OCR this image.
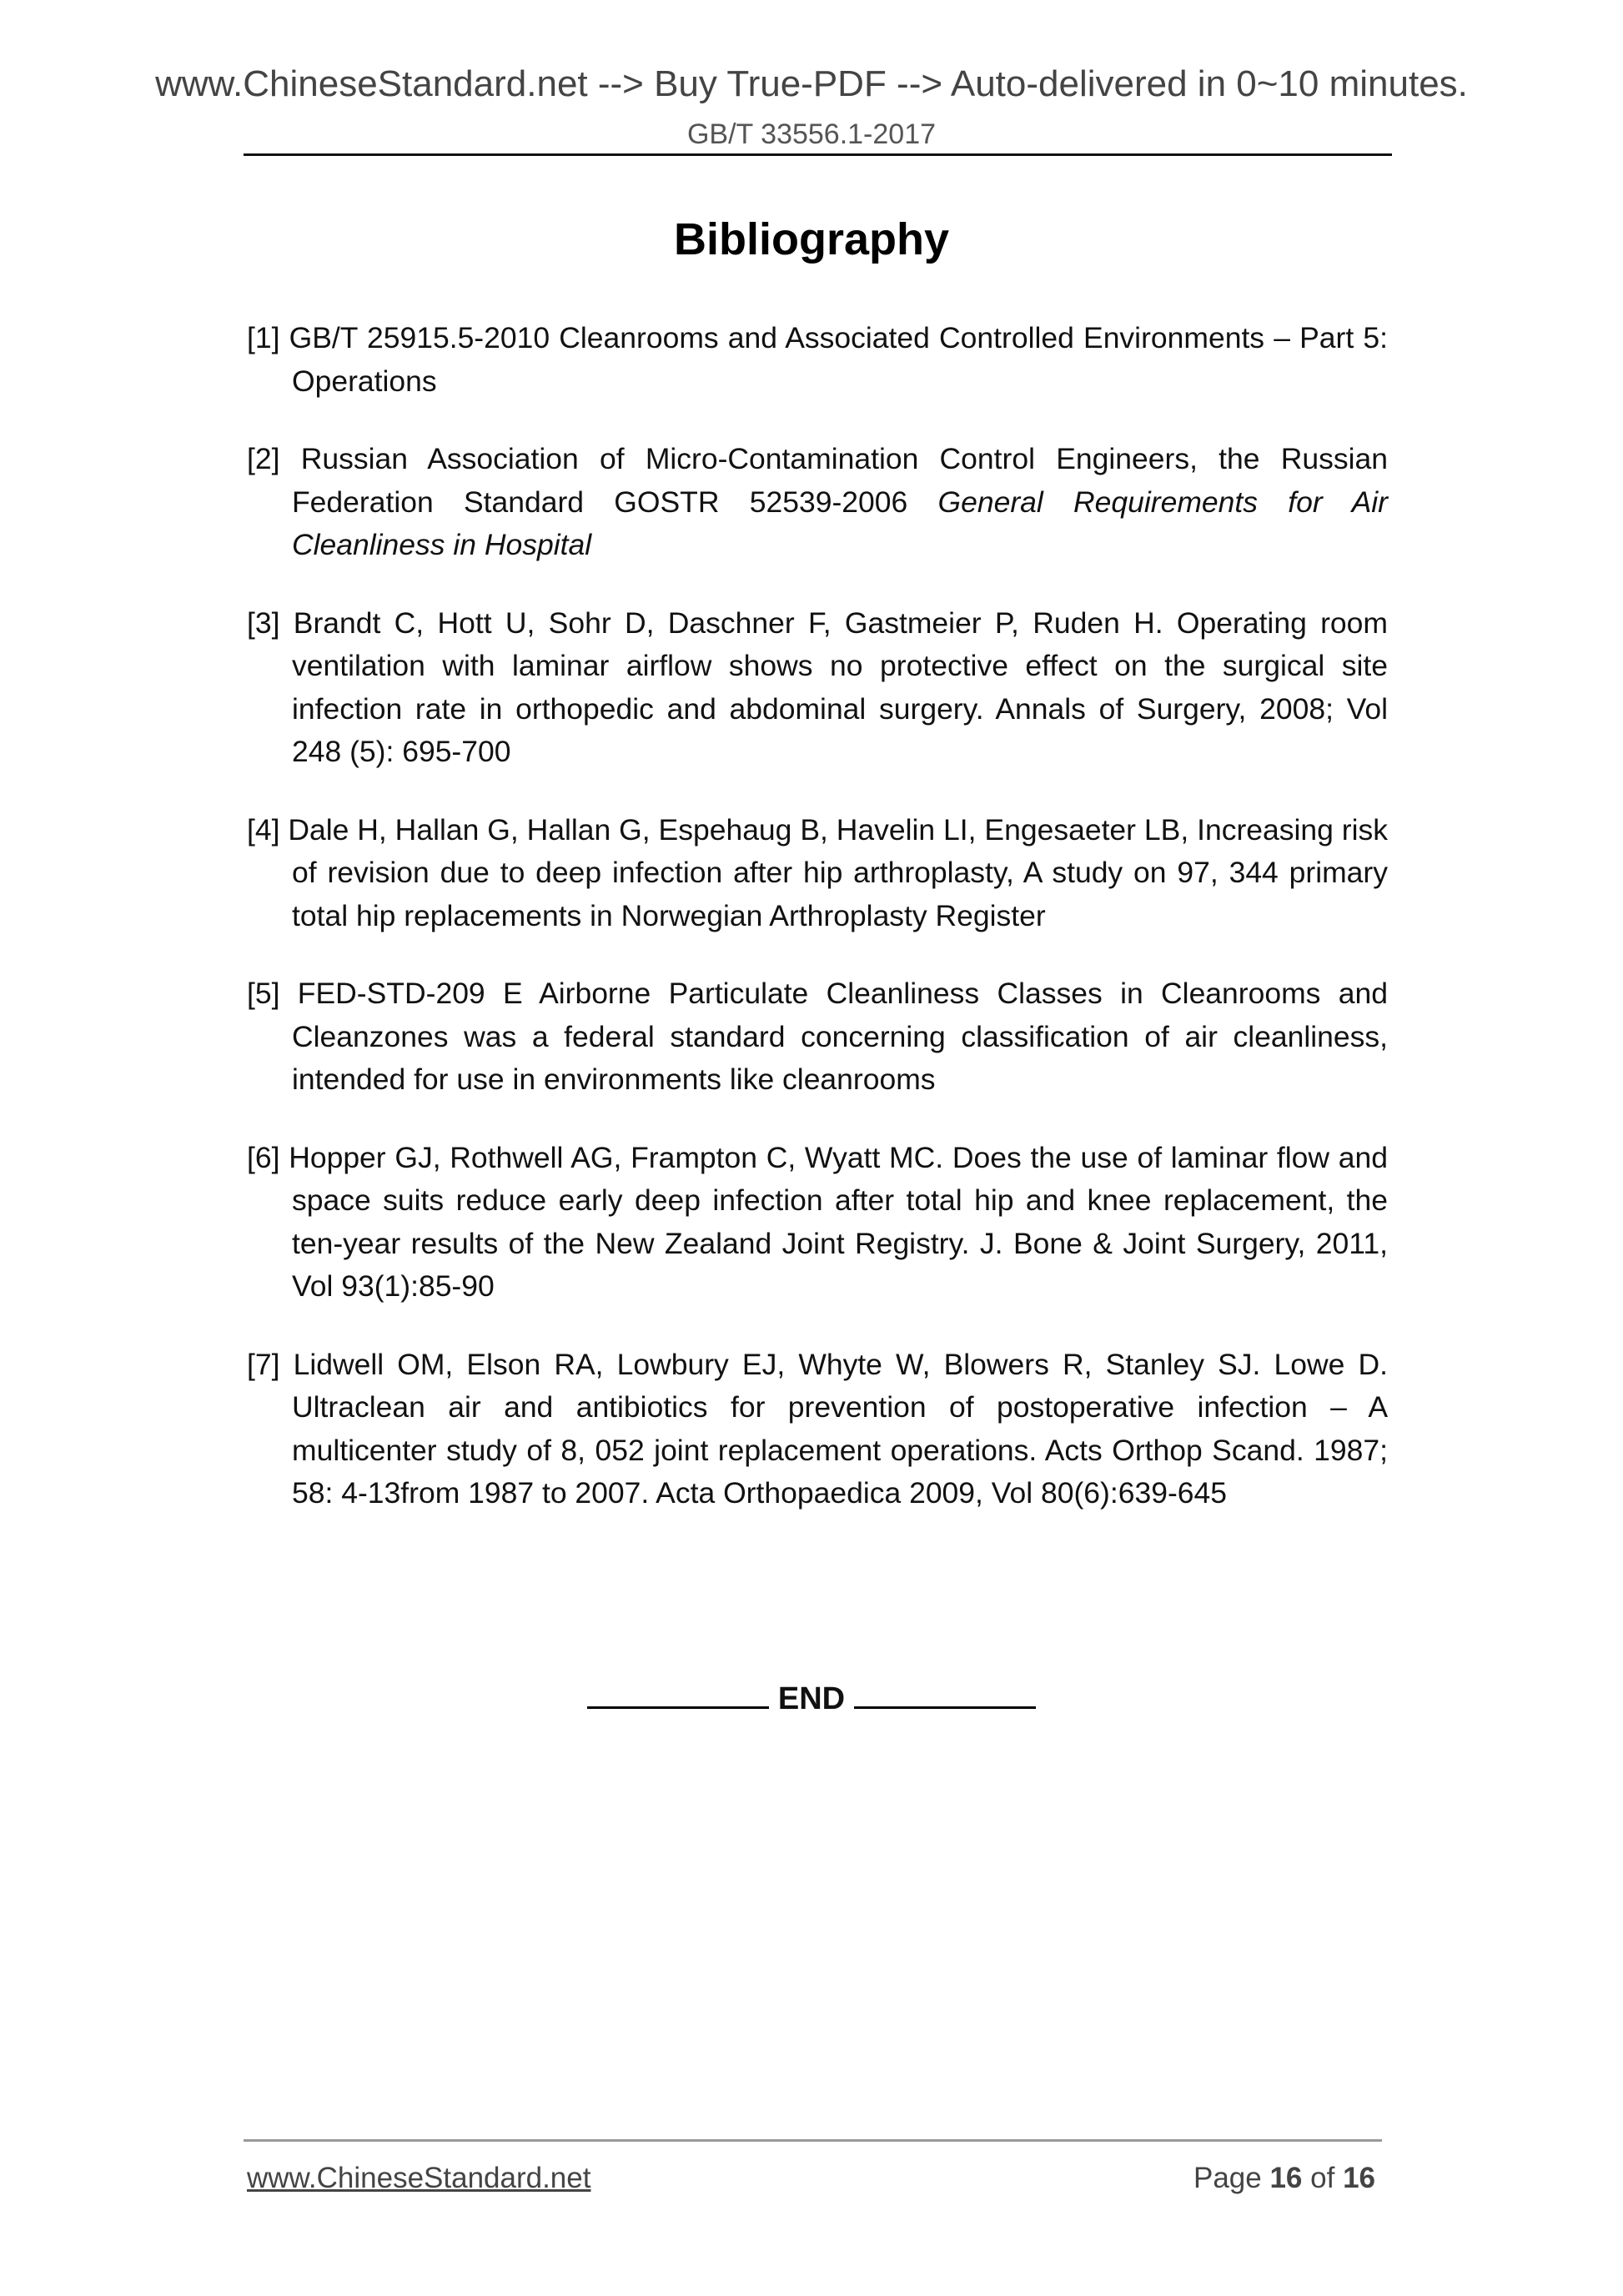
www.ChineseStandard.net --> Buy True-PDF --> Auto-delivered in 0~10 minutes.
GB/T 33556.1-2017
Bibliography

[1] GB/T 25915.5-2010 Cleanrooms and Associated Controlled Environments – Part 5: Operations

[2] Russian Association of Micro-Contamination Control Engineers, the Russian Federation Standard GOSTR 52539-2006 General Requirements for Air Cleanliness in Hospital

[3] Brandt C, Hott U, Sohr D, Daschner F, Gastmeier P, Ruden H. Operating room ventilation with laminar airflow shows no protective effect on the surgical site infection rate in orthopedic and abdominal surgery. Annals of Surgery, 2008; Vol 248 (5): 695-700

[4] Dale H, Hallan G, Hallan G, Espehaug B, Havelin LI, Engesaeter LB, Increasing risk of revision due to deep infection after hip arthroplasty, A study on 97, 344 primary total hip replacements in Norwegian Arthroplasty Register

[5] FED-STD-209 E Airborne Particulate Cleanliness Classes in Cleanrooms and Cleanzones was a federal standard concerning classification of air cleanliness, intended for use in environments like cleanrooms

[6] Hopper GJ, Rothwell AG, Frampton C, Wyatt MC. Does the use of laminar flow and space suits reduce early deep infection after total hip and knee replacement, the ten-year results of the New Zealand Joint Registry. J. Bone & Joint Surgery, 2011, Vol 93(1):85-90

[7] Lidwell OM, Elson RA, Lowbury EJ, Whyte W, Blowers R, Stanley SJ. Lowe D. Ultraclean air and antibiotics for prevention of postoperative infection – A multicenter study of 8, 052 joint replacement operations. Acts Orthop Scand. 1987; 58: 4-13from 1987 to 2007. Acta Orthopaedica 2009, Vol 80(6):639-645

END
www.ChineseStandard.net	Page 16 of 16
